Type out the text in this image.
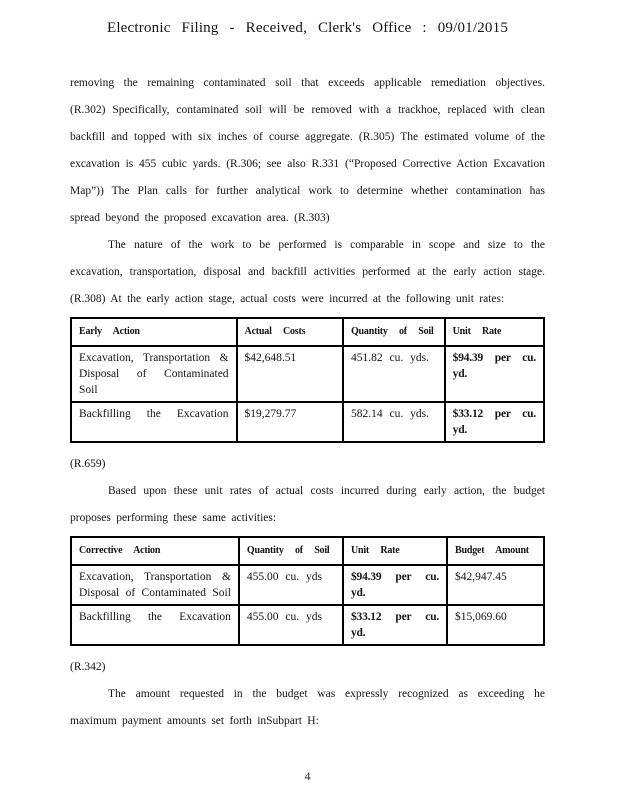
Electronic Filing - Received, Clerk's Office : 09/01/2015

removing the remaining contaminated soil that exceeds applicable remediation objectives. (R.302) Specifically, contaminated soil will be removed with a trackhoe, replaced with clean backfill and topped with six inches of course aggregate. (R.305) The estimated volume of the excavation is 455 cubic yards. (R.306; see also R.331 (“Proposed Corrective Action Excavation Map”)) The Plan calls for further analytical work to determine whether contamination has spread beyond the proposed excavation area. (R.303)

The nature of the work to be performed is comparable in scope and size to the excavation, transportation, disposal and backfill activities performed at the early action stage. (R.308) At the early action stage, actual costs were incurred at the following unit rates:

Early Action	Actual Costs	Quantity of Soil	Unit Rate
Excavation, Transportation & Disposal of Contaminated Soil	$42,648.51	451.82 cu. yds.	$94.39 per cu. yd.
Backfilling the Excavation	$19,279.77	582.14 cu. yds.	$33.12 per cu. yd.

(R.659)

Based upon these unit rates of actual costs incurred during early action, the budget proposes performing these same activities:

Corrective Action	Quantity of Soil	Unit Rate	Budget Amount
Excavation, Transportation & Disposal of Contaminated Soil	455.00 cu. yds	$94.39 per cu. yd.	$42,947.45
Backfilling the Excavation	455.00 cu. yds	$33.12 per cu. yd.	$15,069.60

(R.342)

The amount requested in the budget was expressly recognized as exceeding he maximum payment amounts set forth inSubpart H:

4
